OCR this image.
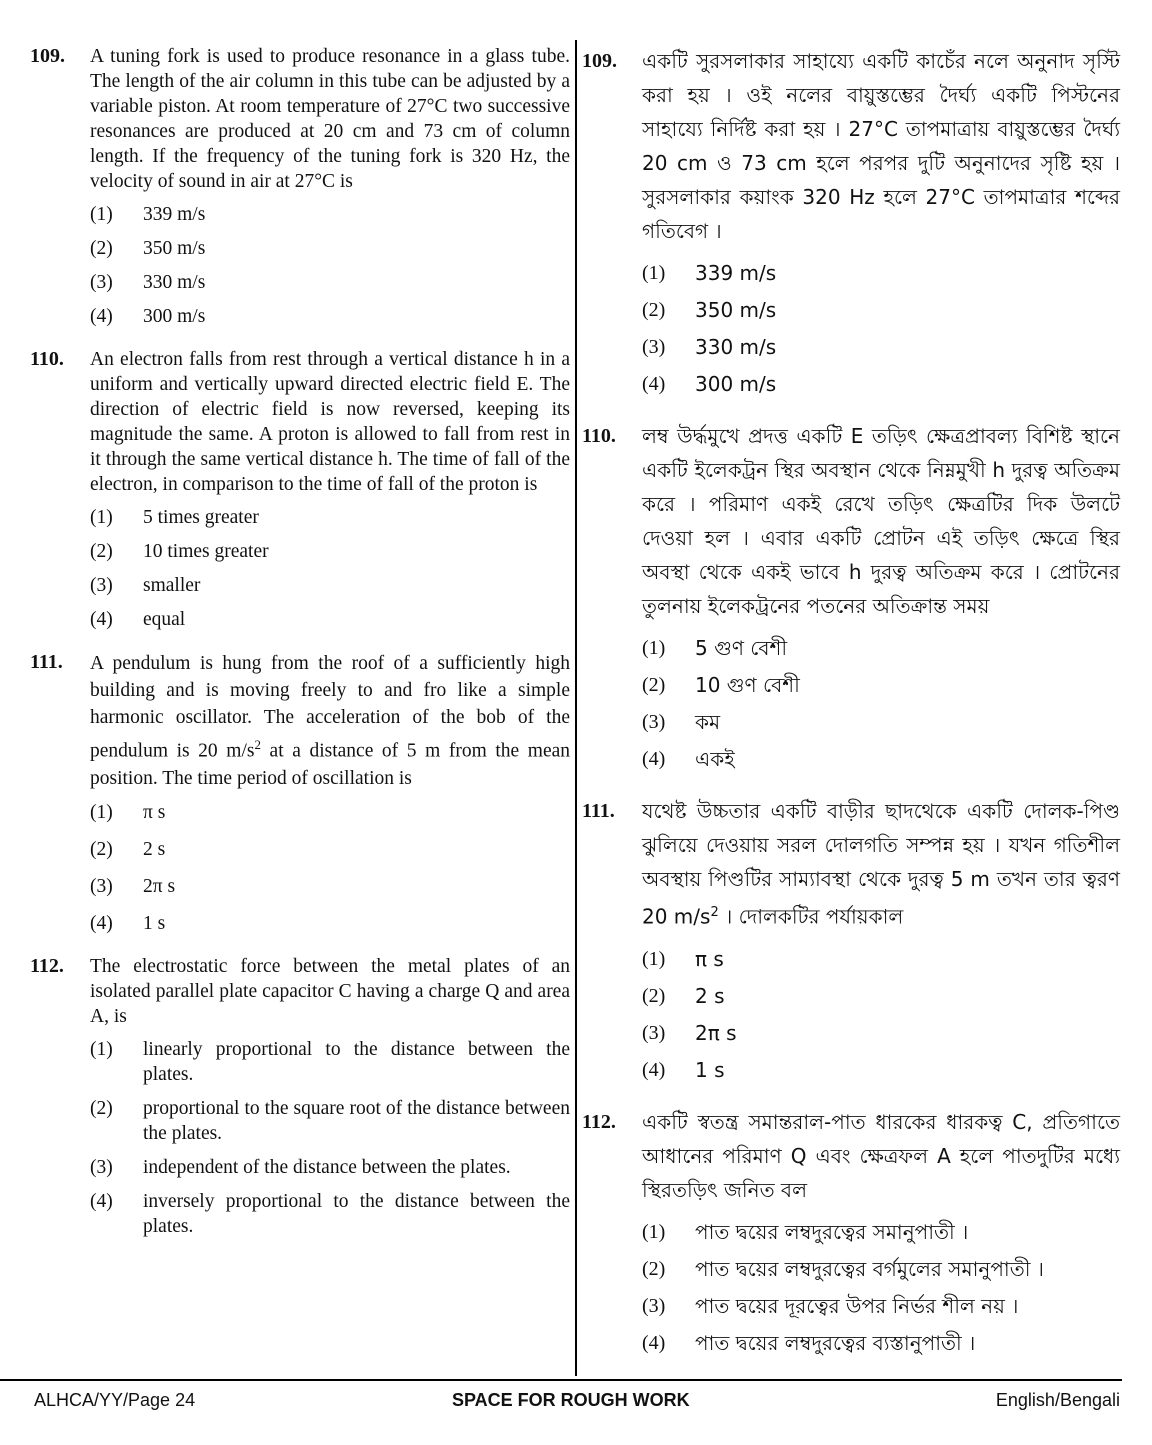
109. A tuning fork is used to produce resonance in a glass tube. The length of the air column in this tube can be adjusted by a variable piston. At room temperature of 27°C two successive resonances are produced at 20 cm and 73 cm of column length. If the frequency of the tuning fork is 320 Hz, the velocity of sound in air at 27°C is
(1) 339 m/s
(2) 350 m/s
(3) 330 m/s
(4) 300 m/s
110. An electron falls from rest through a vertical distance h in a uniform and vertically upward directed electric field E. The direction of electric field is now reversed, keeping its magnitude the same. A proton is allowed to fall from rest in it through the same vertical distance h. The time of fall of the electron, in comparison to the time of fall of the proton is
(1) 5 times greater
(2) 10 times greater
(3) smaller
(4) equal
111. A pendulum is hung from the roof of a sufficiently high building and is moving freely to and fro like a simple harmonic oscillator. The acceleration of the bob of the pendulum is 20 $m/s^2$ at a distance of 5 m from the mean position. The time period of oscillation is
(1) π s
(2) 2 s
(3) 2π s
(4) 1 s
112. The electrostatic force between the metal plates of an isolated parallel plate capacitor C having a charge Q and area A, is
(1) linearly proportional to the distance between the plates.
(2) proportional to the square root of the distance between the plates.
(3) independent of the distance between the plates.
(4) inversely proportional to the distance between the plates.
109. একটি সুরসলাকার সাহায্যে একটি কাচেঁর নলে অনুনাদ সৃস্টি করা হয় । ওই নলের বায়ুস্তম্ভের দৈর্ঘ্য একটি পিস্টনের সাহায্যে নির্দিষ্ট করা হয় । 27°C তাপমাত্রায় বায়ুস্তম্ভের দৈর্ঘ্য 20 cm ও 73 cm হলে পরপর দুটি অনুনাদের সৃষ্টি হয় । সুরসলাকার কয়াংক 320 Hz হলে 27°C তাপমাত্রার শব্দের গতিবেগ ।
(1) 339 m/s
(2) 350 m/s
(3) 330 m/s
(4) 300 m/s
110. লম্ব উর্দ্ধমুখে প্রদত্ত একটি E তড়িৎ ক্ষেত্রপ্রাবল্য বিশিষ্ট স্থানে একটি ইলেকট্রন স্থির অবস্থান থেকে নিম্নমুখী h দুরত্ব অতিক্রম করে । পরিমাণ একই রেখে তড়িৎ ক্ষেত্রটির দিক উলটে দেওয়া হল । এবার একটি প্রোটন এই তড়িৎ ক্ষেত্রে স্থির অবস্থা থেকে একই ভাবে h দুরত্ব অতিক্রম করে । প্রোটনের তুলনায় ইলেকট্রনের পতনের অতিক্রান্ত সময়
(1) 5 গুণ বেশী
(2) 10 গুণ বেশী
(3) কম
(4) একই
111. যথেষ্ট উচ্চতার একটি বাড়ীর ছাদথেকে একটি দোলক-পিণ্ড ঝুলিয়ে দেওয়ায় সরল দোলগতি সম্পন্ন হয় । যখন গতিশীল অবস্থায় পিণ্ডটির সাম্যাবস্থা থেকে দুরত্ব 5 m তখন তার ত্বরণ 20 $m/s^2$ । দোলকটির পর্যায়কাল
(1) π s
(2) 2 s
(3) 2π s
(4) 1 s
112. একটি স্বতন্ত্র সমান্তরাল-পাত ধারকের ধারকত্ব C, প্রতিগাতে আধানের পরিমাণ Q এবং ক্ষেত্রফল A হলে পাতদুটির মধ্যে স্থিরতড়িৎ জনিত বল
(1) পাত দ্বয়ের লম্বদুরত্বের সমানুপাতী ।
(2) পাত দ্বয়ের লম্বদুরত্বের বর্গমুলের সমানুপাতী ।
(3) পাত দ্বয়ের দূরত্বের উপর নির্ভর শীল নয় ।
(4) পাত দ্বয়ের লম্বদুরত্বের ব্যস্তানুপাতী ।
ALHCA/YY/Page 24	SPACE FOR ROUGH WORK	English/Bengali
